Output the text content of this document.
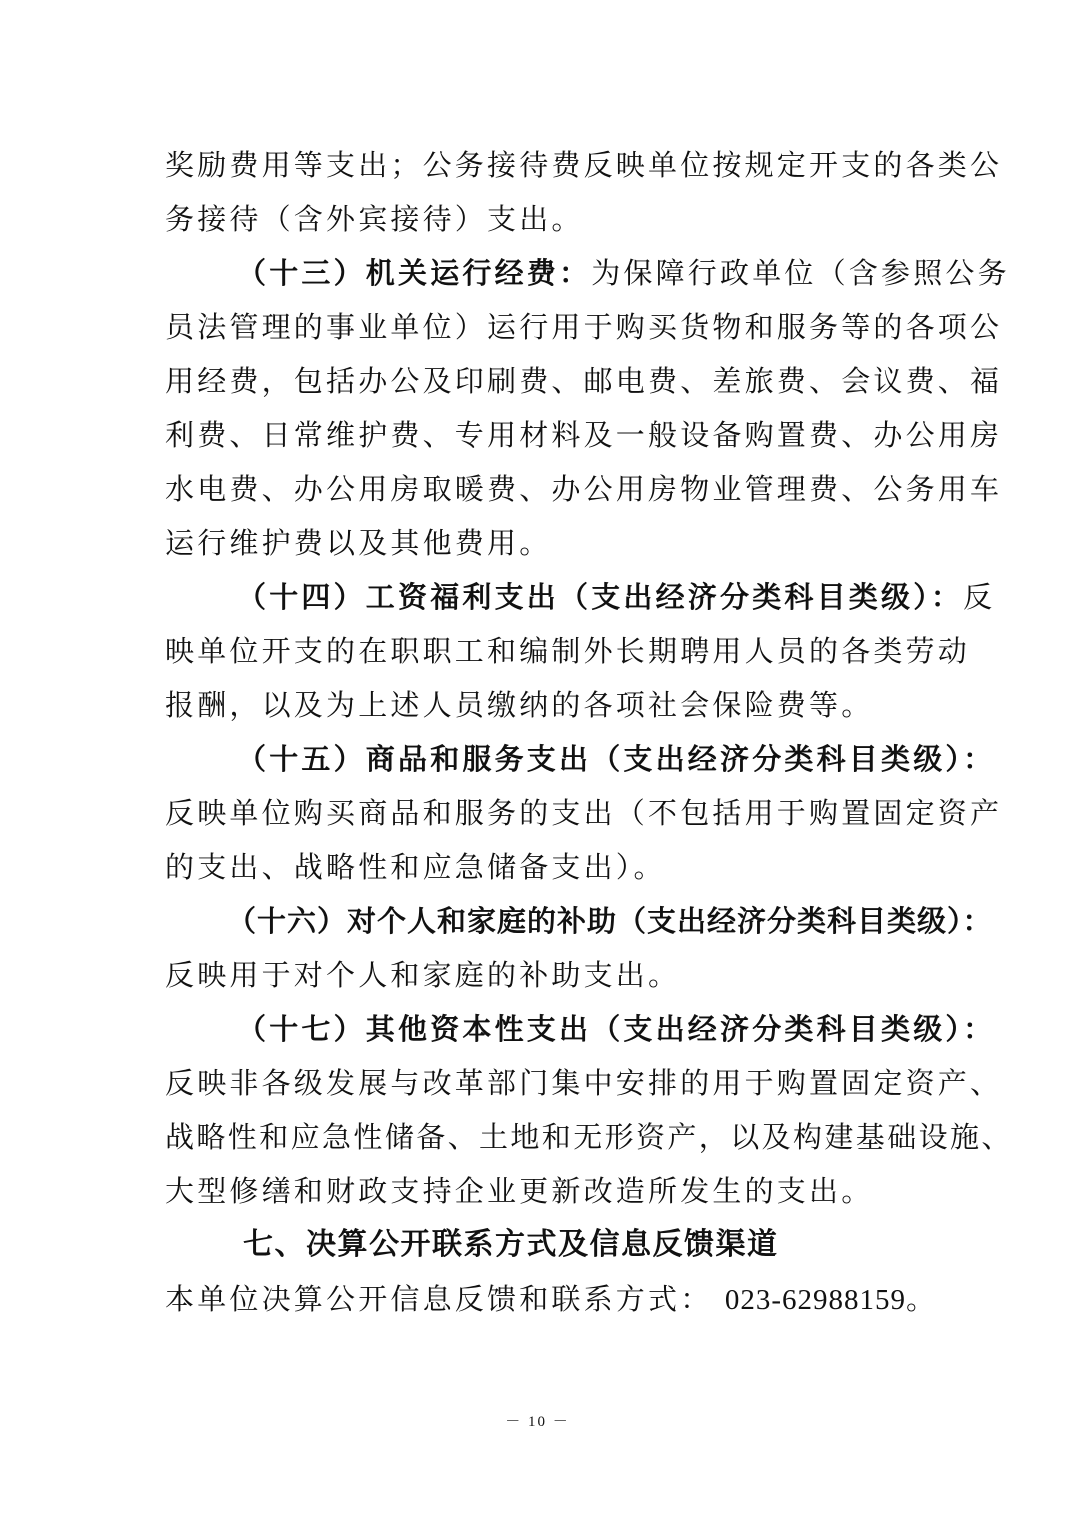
奖励费用等支出；公务接待费反映单位按规定开支的各类公
务接待（含外宾接待）支出。
（十三）机关运行经费：为保障行政单位（含参照公务
员法管理的事业单位）运行用于购买货物和服务等的各项公
用经费，包括办公及印刷费、邮电费、差旅费、会议费、福
利费、日常维护费、专用材料及一般设备购置费、办公用房
水电费、办公用房取暖费、办公用房物业管理费、公务用车
运行维护费以及其他费用。
（十四）工资福利支出（支出经济分类科目类级）：反
映单位开支的在职职工和编制外长期聘用人员的各类劳动
报酬，以及为上述人员缴纳的各项社会保险费等。
（十五）商品和服务支出（支出经济分类科目类级）：
反映单位购买商品和服务的支出（不包括用于购置固定资产
的支出、战略性和应急储备支出）。
（十六）对个人和家庭的补助（支出经济分类科目类级）：
反映用于对个人和家庭的补助支出。
（十七）其他资本性支出（支出经济分类科目类级）：
反映非各级发展与改革部门集中安排的用于购置固定资产、
战略性和应急性储备、土地和无形资产，以及构建基础设施、
大型修缮和财政支持企业更新改造所发生的支出。
七、决算公开联系方式及信息反馈渠道
本单位决算公开信息反馈和联系方式： 023-62988159。
－ 10 －
